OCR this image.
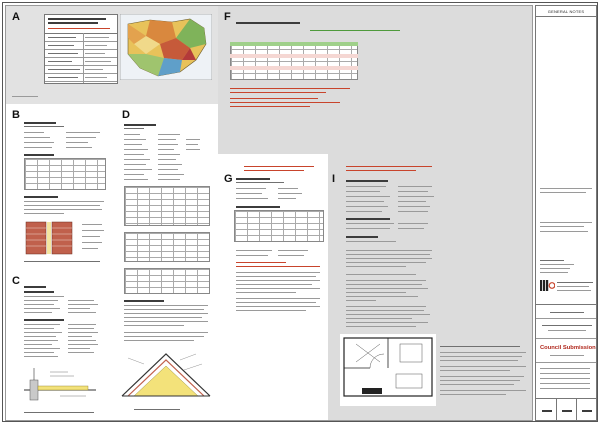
A
B
C
D
F
G	I
GENERAL NOTES
Council Submission
